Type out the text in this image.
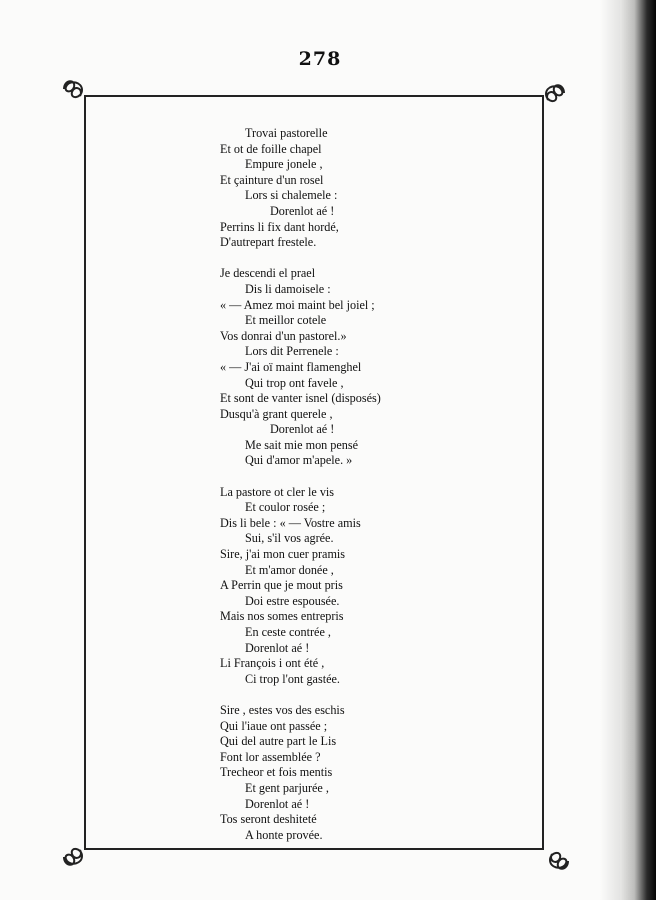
278
Trovai pastorelle
Et ot de foille chapel
Empure jonele ,
Et çainture d'un rosel
Lors si chalemele :
Dorenlot aé !
Perrins li fix dant hordé,
D'autrepart frestele.
Je descendi el prael
Dis li damoisele :
« — Amez moi maint bel joiel ;
Et meillor cotele
Vos donrai d'un pastorel.»
Lors dit Perrenele :
« — J'ai oï maint flamenghel
Qui trop ont favele ,
Et sont de vanter isnel (disposés)
Dusqu'à grant querele ,
Dorenlot aé !
Me sait mie mon pensé
Qui d'amor m'apele. »
La pastore ot cler le vis
Et coulor rosée ;
Dis li bele : « — Vostre amis
Sui, s'il vos agrée.
Sire, j'ai mon cuer pramis
Et m'amor donée ,
A Perrin que je mout pris
Doi estre espousée.
Mais nos somes entrepris
En ceste contrée ,
Dorenlot aé !
Li François i ont été ,
Ci trop l'ont gastée.
Sire , estes vos des eschis
Qui l'iaue ont passée ;
Qui del autre part le Lis
Font lor assemblée ?
Trecheor et fois mentis
Et gent parjurée ,
Dorenlot aé !
Tos seront deshiteté
A honte provée.
